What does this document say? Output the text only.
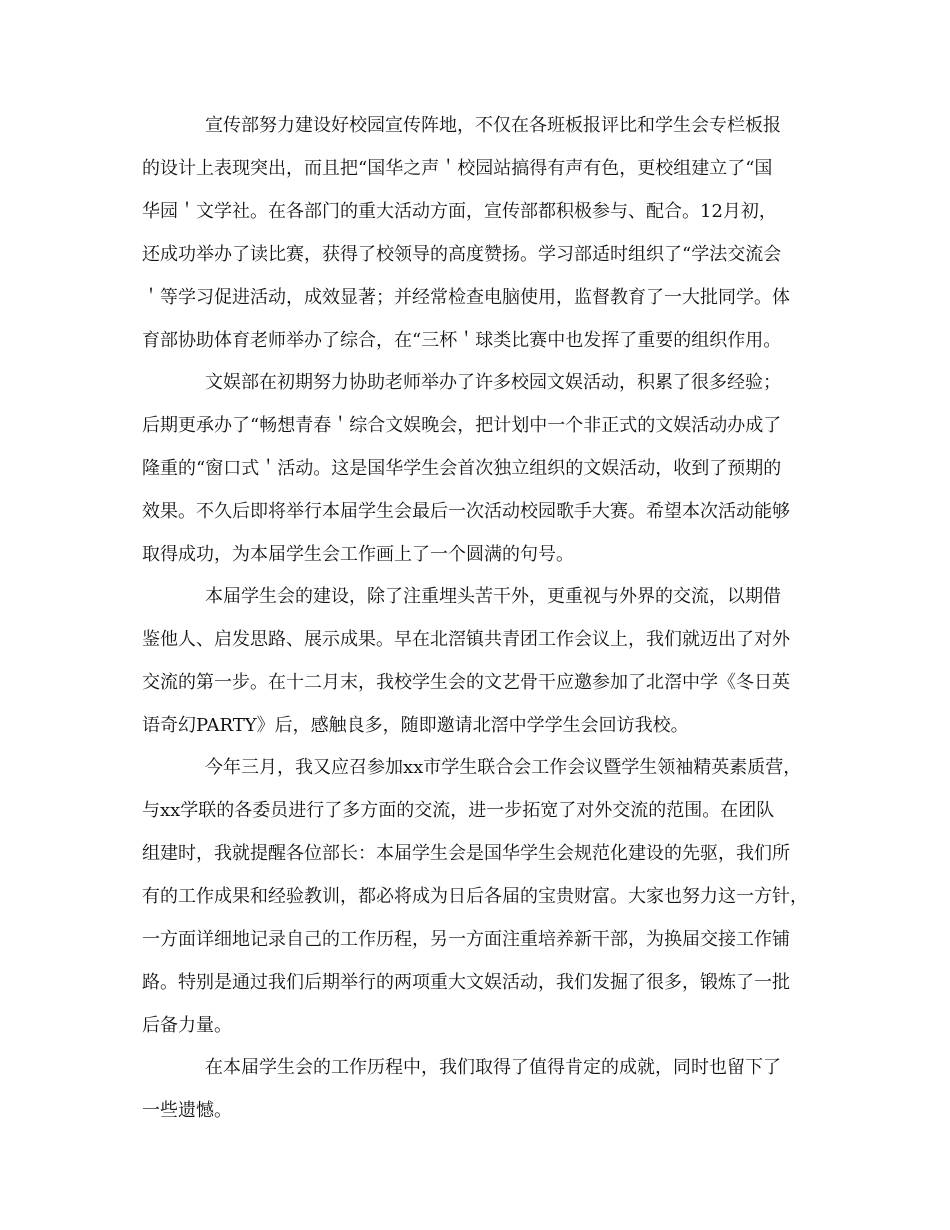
宣传部努力建设好校园宣传阵地，不仅在各班板报评比和学生会专栏板报

的设计上表现突出，而且把“国华之声＇校园站搞得有声有色，更校组建立了“国

华园＇文学社。在各部门的重大活动方面，宣传部都积极参与、配合。12月初，

还成功举办了读比赛，获得了校领导的高度赞扬。学习部适时组织了“学法交流会

＇等学习促进活动，成效显著；并经常检查电脑使用，监督教育了一大批同学。体

育部协助体育老师举办了综合，在“三杯＇球类比赛中也发挥了重要的组织作用。

文娱部在初期努力协助老师举办了许多校园文娱活动，积累了很多经验；

后期更承办了“畅想青春＇综合文娱晚会，把计划中一个非正式的文娱活动办成了

隆重的“窗口式＇活动。这是国华学生会首次独立组织的文娱活动，收到了预期的

效果。不久后即将举行本届学生会最后一次活动校园歌手大赛。希望本次活动能够

取得成功，为本届学生会工作画上了一个圆满的句号。

本届学生会的建设，除了注重埋头苦干外，更重视与外界的交流，以期借

鉴他人、启发思路、展示成果。早在北滘镇共青团工作会议上，我们就迈出了对外

交流的第一步。在十二月末，我校学生会的文艺骨干应邀参加了北滘中学《冬日英

语奇幻PARTY》后，感触良多，随即邀请北滘中学学生会回访我校。

今年三月，我又应召参加xx市学生联合会工作会议暨学生领袖精英素质营，

与xx学联的各委员进行了多方面的交流，进一步拓宽了对外交流的范围。在团队

组建时，我就提醒各位部长：本届学生会是国华学生会规范化建设的先驱，我们所

有的工作成果和经验教训，都必将成为日后各届的宝贵财富。大家也努力这一方针，

一方面详细地记录自己的工作历程，另一方面注重培养新干部，为换届交接工作铺

路。特别是通过我们后期举行的两项重大文娱活动，我们发掘了很多，锻炼了一批

后备力量。

在本届学生会的工作历程中，我们取得了值得肯定的成就，同时也留下了

一些遗憾。
